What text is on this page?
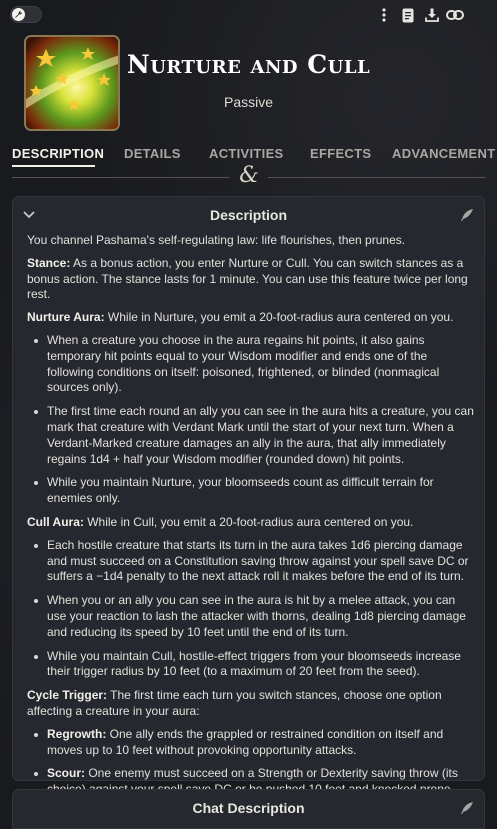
Nurture and Cull
Passive
DESCRIPTION DETAILS ACTIVITIES EFFECTS ADVANCEMENT
&
Description

You channel Pashama's self-regulating law: life flourishes, then prunes.

Stance: As a bonus action, you enter Nurture or Cull. You can switch stances as a bonus action. The stance lasts for 1 minute. You can use this feature twice per long rest.

Nurture Aura: While in Nurture, you emit a 20-foot-radius aura centered on you.

When a creature you choose in the aura regains hit points, it also gains temporary hit points equal to your Wisdom modifier and ends one of the following conditions on itself: poisoned, frightened, or blinded (nonmagical sources only).
The first time each round an ally you can see in the aura hits a creature, you can mark that creature with Verdant Mark until the start of your next turn. When a Verdant-Marked creature damages an ally in the aura, that ally immediately regains 1d4 + half your Wisdom modifier (rounded down) hit points.
While you maintain Nurture, your bloomseeds count as difficult terrain for enemies only.

Cull Aura: While in Cull, you emit a 20-foot-radius aura centered on you.

Each hostile creature that starts its turn in the aura takes 1d6 piercing damage and must succeed on a Constitution saving throw against your spell save DC or suffers a −1d4 penalty to the next attack roll it makes before the end of its turn.
When you or an ally you can see in the aura is hit by a melee attack, you can use your reaction to lash the attacker with thorns, dealing 1d8 piercing damage and reducing its speed by 10 feet until the end of its turn.
While you maintain Cull, hostile-effect triggers from your bloomseeds increase their trigger radius by 10 feet (to a maximum of 20 feet from the seed).

Cycle Trigger: The first time each turn you switch stances, choose one option affecting a creature in your aura:

Regrowth: One ally ends the grappled or restrained condition on itself and moves up to 10 feet without provoking opportunity attacks.
Scour: One enemy must succeed on a Strength or Dexterity saving throw (its
Chat Description
